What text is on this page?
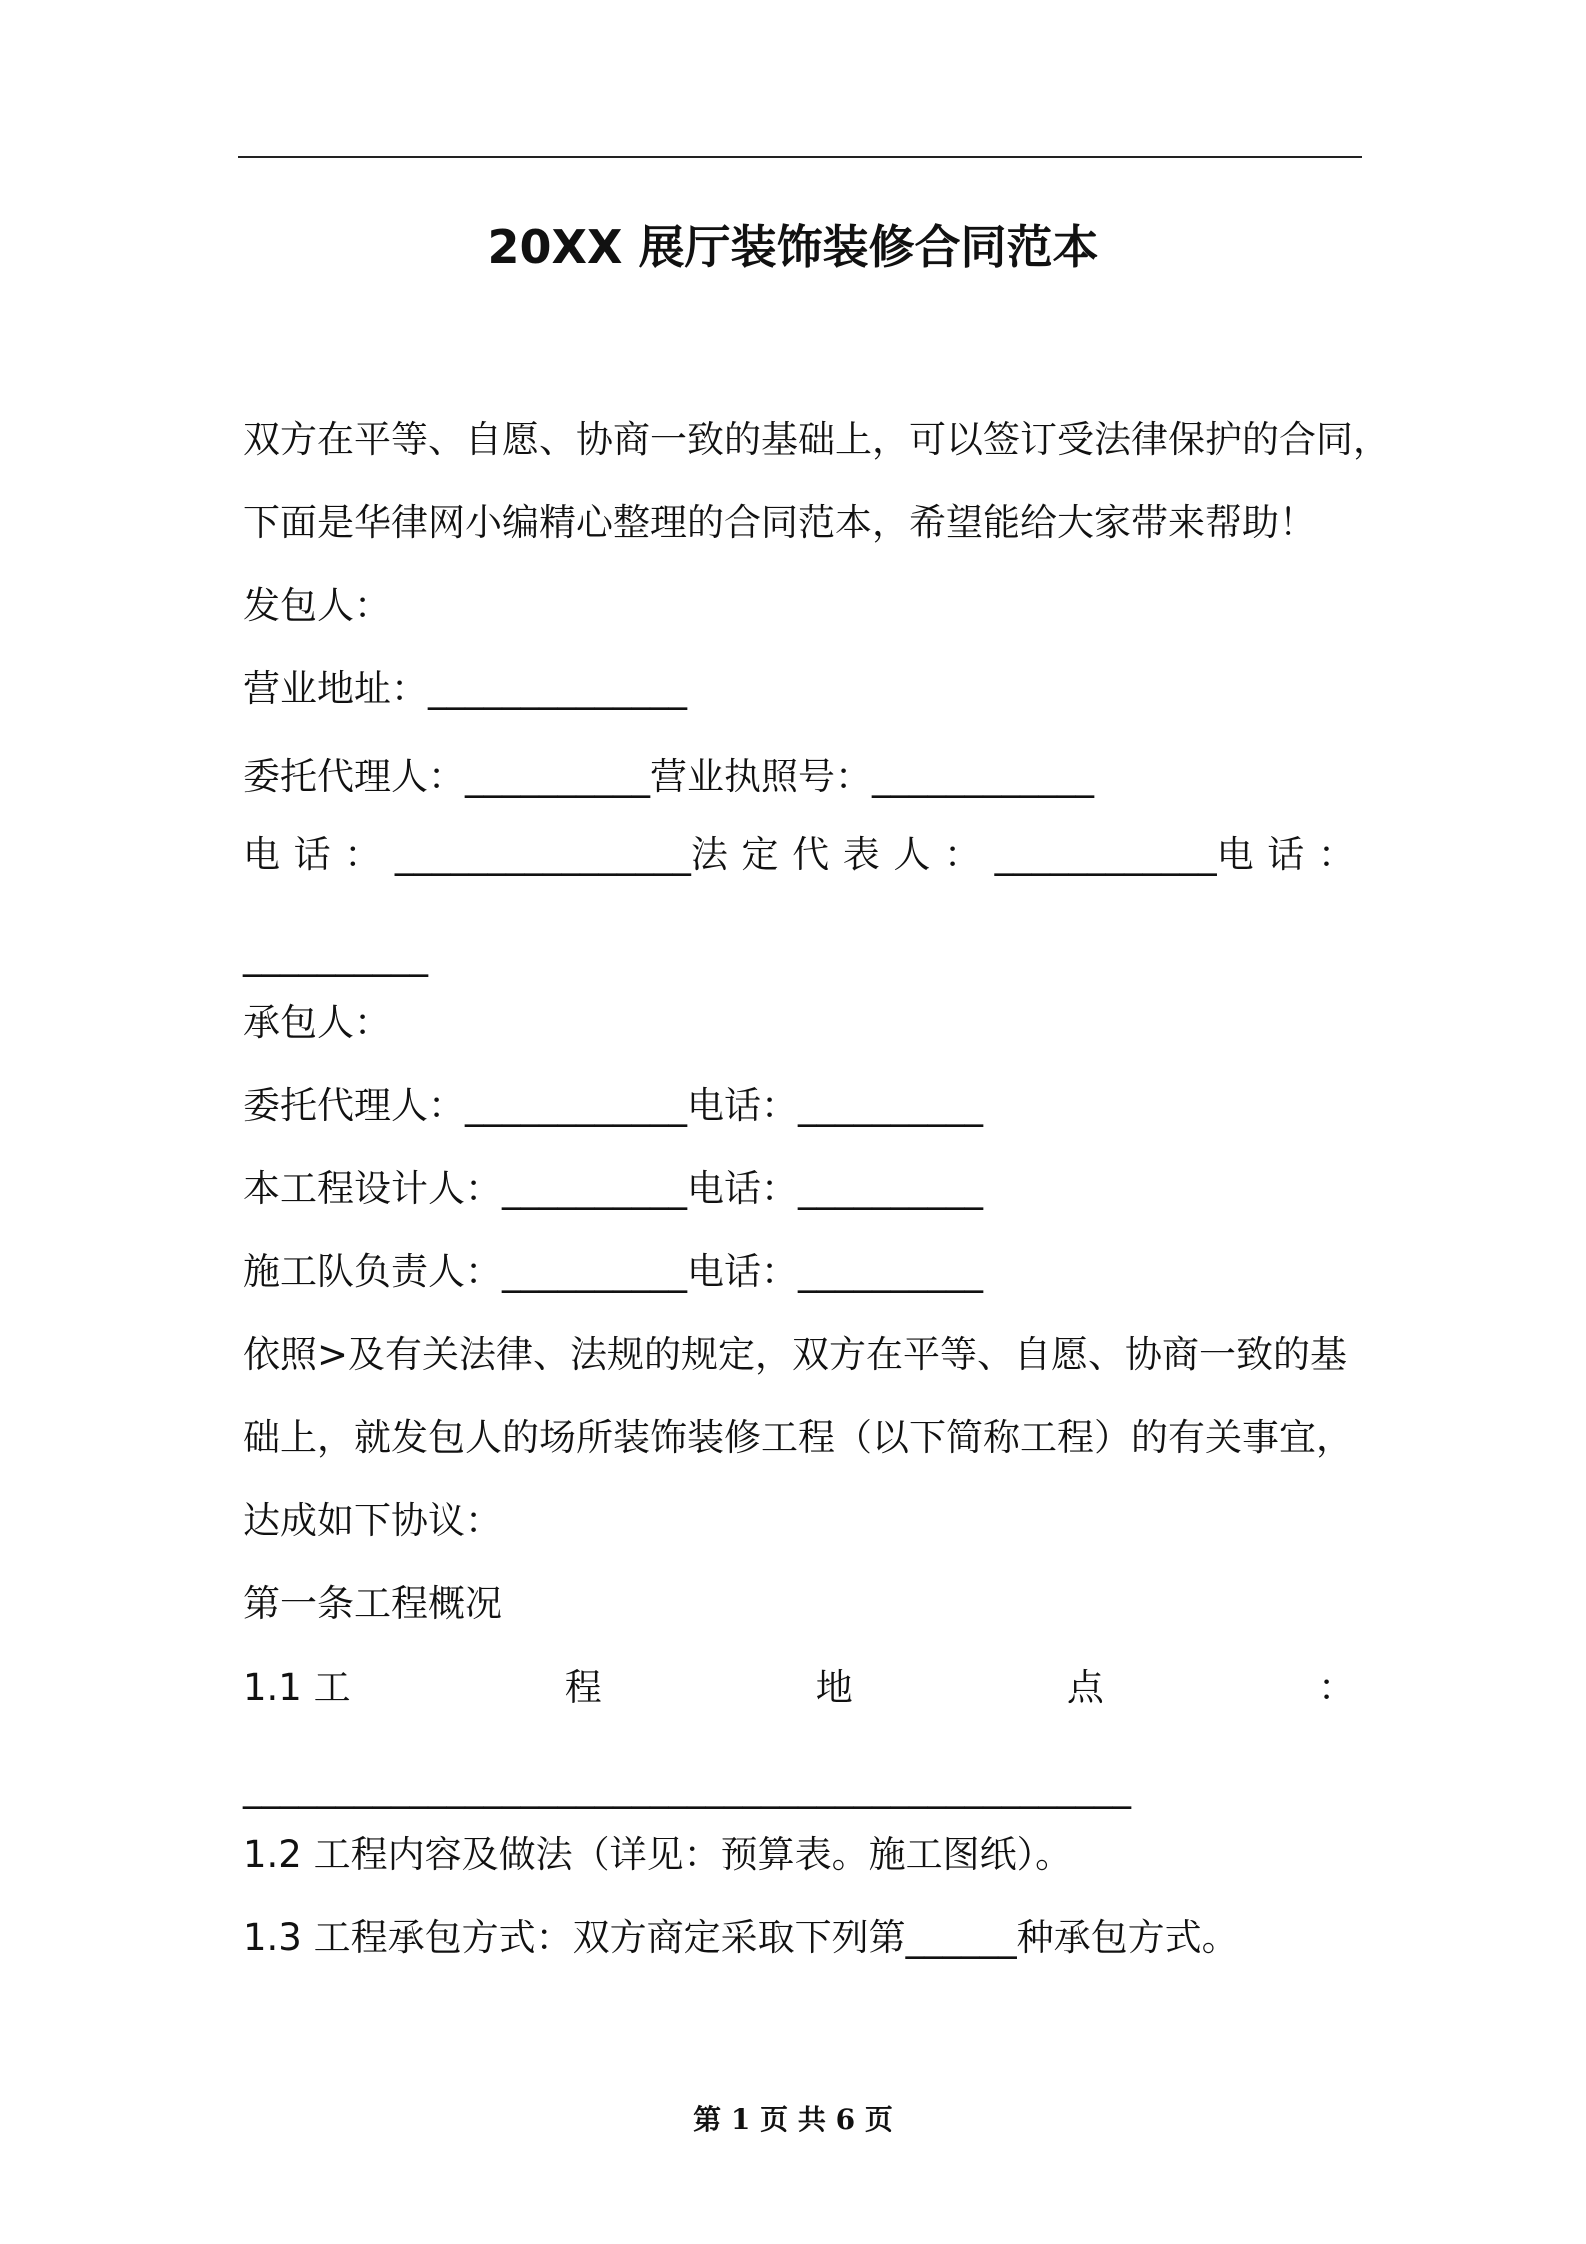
20XX 展厅装饰装修合同范本
双方在平等、自愿、协商一致的基础上，可以签订受法律保护的合同，
下面是华律网小编精心整理的合同范本，希望能给大家带来帮助！
发包人：
营业地址：______________
委托代理人：__________营业执照号：____________
电 话 ： ________________法 定 代 表 人 ： ____________电 话 ：
__________
承包人：
委托代理人：____________电话：__________
本工程设计人：__________电话：__________
施工队负责人：__________电话：__________
依照>及有关法律、法规的规定，双方在平等、自愿、协商一致的基
础上，就发包人的场所装饰装修工程（以下简称工程）的有关事宜，
达成如下协议：
第一条工程概况
1.1 工	程	地	点	：
________________________________________________
1.2 工程内容及做法（详见：预算表。施工图纸）。
1.3 工程承包方式：双方商定采取下列第______种承包方式。
第 1 页 共 6 页
